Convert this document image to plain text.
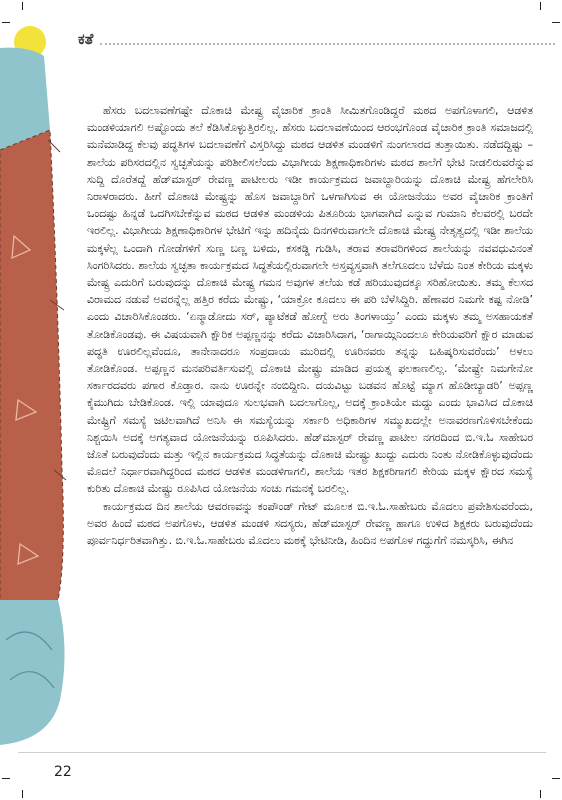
ಕತೆ

ಹೆಸರು ಬದಲಾವಣೆಗಷ್ಟೇ ದೊಕಾಚಿ ಮೇಷ್ಟ್ರ ವೈಚಾರಿಕ ಕ್ರಾಂತಿ ಸೀಮಿತಗೊಂಡಿದ್ದರೆ ಮಠದ ಅಪಗೊಳಾಗಲಿ, ಆಡಳಿತ ಮಂಡಳಿಯಾಗಲಿ ಅಷ್ಟೊಂದು ತಲೆ ಕೆಡಿಸಿಕೊಳ್ಳುತ್ತಿರಲಿಲ್ಲ. ಹೆಸರು ಬದಲಾವಣೆಯಿಂದ ಆರಂಭಗೊಂಡ ವೈಚಾರಿಕ ಕ್ರಾಂತಿ ಸಮಾಜದಲ್ಲಿ ಮನೆಮಾಡಿದ್ದ ಕೆಲವು ಪದ್ಧತಿಗಳ ಬದಲಾವಣೆಗೆ ವಿಸ್ತರಿಸಿದ್ದು ಮಠದ ಆಡಳಿತ ಮಂಡಳಿಗೆ ನುಂಗಲಾರದ ತುತ್ತಾಯಿತು. ನಡೆದದ್ದಿಷ್ಟು – ಶಾಲೆಯ ಪರಿಸರದಲ್ಲಿನ ಸ್ವಚ್ಛತೆಯನ್ನು ಪರಿಶೀಲಿಸಲೆಂದು ವಿಭಾಗೀಯ ಶಿಕ್ಷಣಾಧಿಕಾರಿಗಳು ಮಠದ ಶಾಲೆಗೆ ಭೇಟಿ ನೀಡಲಿರುವರೆನ್ನುವ ಸುದ್ದಿ ದೊರೆತದ್ದೆ ಹೆಡ್‌ಮಾಸ್ಟರ್ ರೇವಣ್ಣ ಪಾಟೀಲರು ಇಡೀ ಕಾರ್ಯಕ್ರಮದ ಜವಾಬ್ದಾರಿಯನ್ನು ದೊಕಾಚಿ ಮೇಷ್ಟ್ರ ಹೆಗಲೇರಿಸಿ ನಿರಾಳರಾದರು. ಹೀಗೆ ದೊಕಾಚಿ ಮೇಷ್ಟ್ರನ್ನು ಹೊಸ ಜವಾಬ್ದಾರಿಗೆ ಒಳಗಾಗಿಸುವ ಈ ಯೋಜನೆಯು ಅವರ ವೈಚಾರಿಕ ಕ್ರಾಂತಿಗೆ ಒಂದಷ್ಟು ಹಿನ್ನಡೆ ಒದಗಿಸಬೇಕೆನ್ನುವ ಮಠದ ಆಡಳಿತ ಮಂಡಳಿಯ ಪಿತೂರಿಯ ಭಾಗವಾಗಿದೆ ಎನ್ನುವ ಗುಮಾನಿ ಕೆಲವರಲ್ಲಿ ಬರದೇ ಇರಲಿಲ್ಲ. ವಿಭಾಗೀಯ ಶಿಕ್ಷಣಾಧಿಕಾರಿಗಳ ಭೇಟಿಗೆ ಇನ್ನು ಹದಿನೈದು ದಿನಗಳಿರುವಾಗಲೇ ದೊಕಾಚಿ ಮೇಷ್ಟ್ರ ನೇತೃತ್ವದಲ್ಲಿ ಇಡೀ ಶಾಲೆಯ ಮಕ್ಕಳೆಲ್ಲ ಒಂದಾಗಿ ಗೋಡೆಗಳಿಗೆ ಸುಣ್ಣ ಬಣ್ಣ ಬಳಿದು, ಕಸಕಡ್ಡಿ ಗುಡಿಸಿ, ತರಾವ ತರಾವರಿಗಳಿಂದ ಶಾಲೆಯನ್ನು ನವವಧುವಿನಂತೆ ಸಿಂಗರಿಸಿದರು. ಶಾಲೆಯ ಸ್ವಚ್ಛತಾ ಕಾರ್ಯಕ್ರಮದ ಸಿದ್ಧತೆಯಲ್ಲಿರುವಾಗಲೇ ಅಸ್ತವ್ಯಸ್ತವಾಗಿ ತಲೆಗೂದಲು ಬೆಳೆದು ನಿಂತ ಕೇರಿಯ ಮಕ್ಕಳು ಮೇಷ್ಟ್ರ ಎದುರಿಗೆ ಬರುವುದನ್ನು ದೊಕಾಚಿ ಮೇಷ್ಟ್ರ ಗಮನ ಅವುಗಳ ತಲೆಯ ಕಡೆ ಹರಿಯುವುದಕ್ಕೂ ಸರಿಹೋಯಿತು. ತಮ್ಮ ಕೆಲಸದ ವಿರಾಮದ ನಡುವೆ ಅವರನ್ನೆಲ್ಲ ಹತ್ತಿರ ಕರೆದು ಮೇಷ್ಟ್ರು, ‘ಯಾಕ್ರೋ ಕೂದಲು ಈ ಪರಿ ಬೆಳೆಸಿದ್ದಿರಿ. ಹೆಣಾವರ ನಿಮಗೇ ಕಷ್ಟ ನೋಡಿ’ ಎಂದು ವಿಚಾರಿಸಿಕೊಂಡರು. ‘ಏನ್ಮಾಡೋದು ಸರ್, ಪ್ಯಾಟೆಕಡೆ ಹೋಗ್ಬೆ ಅರು ತಿಂಗಳಾಯ್ತು’ ಎಂದು ಮಕ್ಕಳು ತಮ್ಮ ಅಸಹಾಯಕತೆ ತೋಡಿಕೊಂಡವು. ಈ ವಿಷಯವಾಗಿ ಕ್ಷೌರಿಕ ಅಪ್ಪಣ್ಣನನ್ನು ಕರೆದು ವಿಚಾರಿಸಿದಾಗ, ‘ರಾಗಾಯ್ಗಿನಿಂದಲೂ ಕೇರಿಯವರಿಗೆ ಕ್ಷೌರ ಮಾಡುವ ಪದ್ಧತಿ ಊರಲಿಲ್ಲವೆಂದೂ, ತಾನೇನಾದರೂ ಸಂಪ್ರದಾಯ ಮುರಿದಲ್ಲಿ ಊರಿನವರು ತನ್ನನ್ನು ಬಹಿಷ್ಕರಿಸುವರೆಂದು’ ಅಳಲು ತೋಡಿಕೊಂಡ. ಅಪ್ಪಣ್ಣನ ಮನಪರಿವರ್ತಿಸುವಲ್ಲಿ ದೊಕಾಚಿ ಮೇಷ್ಟ್ರು ಮಾಡಿದ ಪ್ರಯತ್ನ ಫಲಕಾಣಲಿಲ್ಲ. ‘ಮೇಷ್ಟ್ರೇ ನಿಮಗೇನೋ ಸರ್ಕಾರದವರು ಪಗಾರ ಕೊಡ್ತಾರ. ನಾನು ಊರನ್ನೇ ನಂಬಿದ್ದೀನಿ. ದಯವಿಟ್ಟು ಬಡವನ ಹೊಟ್ಟೆ ಮ್ಯಾಗ ಹೊಡೀಬ್ಯಾಡರಿ’ ಅಪ್ಪಣ್ಣ ಕೈಮುಗಿದು ಬೇಡಿಕೊಂಡ. ಇಲ್ಲಿ ಯಾವುದೂ ಸುಲಭವಾಗಿ ಬದಲಾಗೊಲ್ಲ, ಅದಕ್ಕೆ ಕ್ರಾಂತಿಯೇ ಮದ್ದು ಎಂದು ಭಾವಿಸಿದ ದೊಕಾಚಿ ಮೇಷ್ಟ್ರಿಗೆ ಸಮಸ್ಯೆ ಜಟಿಲವಾಗಿದೆ ಅನಿಸಿ ಈ ಸಮಸ್ಯೆಯನ್ನು ಸರ್ಕಾರಿ ಅಧಿಕಾರಿಗಳ ಸಮ್ಮುಖದಲ್ಲೇ ಅನಾವರಣಗೊಳಿಸಬೇಕೆಂದು ನಿಶ್ಚಯಿಸಿ ಅದಕ್ಕೆ ಅಗತ್ಯವಾದ ಯೋಜನೆಯನ್ನು ರೂಪಿಸಿದರು. ಹೆಡ್‌ಮಾಸ್ಟರ್ ರೇವಣ್ಣ ಪಾಟೀಲ ನಗರದಿಂದ ಬಿ.ಇ.ಓ ಸಾಹೇಬರ ಜೊತೆ ಬರುವುದೆಂದು ಮತ್ತು ಇಲ್ಲಿನ ಕಾರ್ಯಕ್ರಮದ ಸಿದ್ಧತೆಯನ್ನು ದೊಕಾಚಿ ಮೇಷ್ಟ್ರು ಖುದ್ದು ಎದುರು ನಿಂತು ನೋಡಿಕೊಳ್ಳುವುದೆಂದು ಮೊದಲೆ ನಿರ್ಧಾರವಾಗಿದ್ದರಿಂದ ಮಠದ ಆಡಳಿತ ಮಂಡಳಿಗಾಗಲಿ, ಶಾಲೆಯ ಇತರ ಶಿಕ್ಷಕರಿಗಾಗಲಿ ಕೇರಿಯ ಮಕ್ಕಳ ಕ್ಷೌರದ ಸಮಸ್ಯೆ ಕುರಿತು ದೊಕಾಚಿ ಮೇಷ್ಟ್ರು ರೂಪಿಸಿದ ಯೋಜನೆಯ ಸಂಚು ಗಮನಕ್ಕೆ ಬರಲಿಲ್ಲ.

ಕಾರ್ಯಕ್ರಮದ ದಿನ ಶಾಲೆಯ ಆವರಣವನ್ನು ಕಂಪೌಂಡ್ ಗೇಟ್ ಮೂಲಕ ಬಿ.ಇ.ಓ.ಸಾಹೇಬರು ಮೊದಲು ಪ್ರವೇಶಿಸುವರೆಂದು, ಅವರ ಹಿಂದೆ ಮಠದ ಅಪಗೊಳು, ಆಡಳಿತ ಮಂಡಳಿ ಸದಸ್ಯರು, ಹೆಡ್‌ಮಾಸ್ಟರ್ ರೇವಣ್ಣ ಹಾಗೂ ಉಳಿದ ಶಿಕ್ಷಕರು ಬರುವುದೆಂದು ಪೂರ್ವನಿರ್ಧರಿತವಾಗಿತ್ತು. ಬಿ.ಇ.ಓ.ಸಾಹೇಬರು ಮೊದಲು ಮಠಕ್ಕೆ ಭೇಟಿನೀಡಿ, ಹಿಂದಿನ ಅಪಗೊಳ ಗದ್ದುಗೆಗೆ ನಮಸ್ಕರಿಸಿ, ಈಗಿನ

22
